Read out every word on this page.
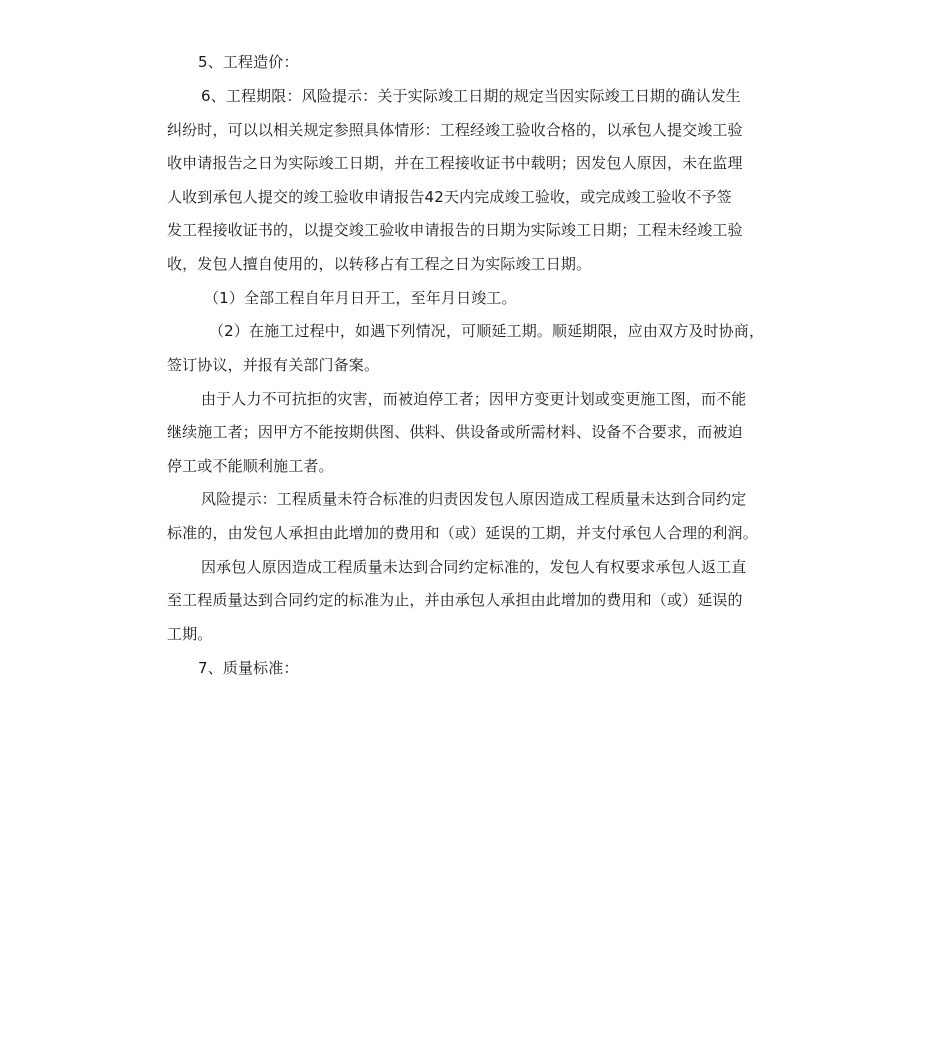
5、工程造价：
6、工程期限：风险提示：关于实际竣工日期的规定当因实际竣工日期的确认发生
纠纷时，可以以相关规定参照具体情形：工程经竣工验收合格的，以承包人提交竣工验
收申请报告之日为实际竣工日期，并在工程接收证书中载明；因发包人原因，未在监理
人收到承包人提交的竣工验收申请报告42天内完成竣工验收，或完成竣工验收不予签
发工程接收证书的，以提交竣工验收申请报告的日期为实际竣工日期；工程未经竣工验
收，发包人擅自使用的，以转移占有工程之日为实际竣工日期。
（1）全部工程自年月日开工，至年月日竣工。
（2）在施工过程中，如遇下列情况，可顺延工期。顺延期限，应由双方及时协商，
签订协议，并报有关部门备案。
由于人力不可抗拒的灾害，而被迫停工者；因甲方变更计划或变更施工图，而不能
继续施工者；因甲方不能按期供图、供料、供设备或所需材料、设备不合要求，而被迫
停工或不能顺利施工者。
风险提示：工程质量未符合标准的归责因发包人原因造成工程质量未达到合同约定
标准的，由发包人承担由此增加的费用和（或）延误的工期，并支付承包人合理的利润。
因承包人原因造成工程质量未达到合同约定标准的，发包人有权要求承包人返工直
至工程质量达到合同约定的标准为止，并由承包人承担由此增加的费用和（或）延误的
工期。
7、质量标准：
